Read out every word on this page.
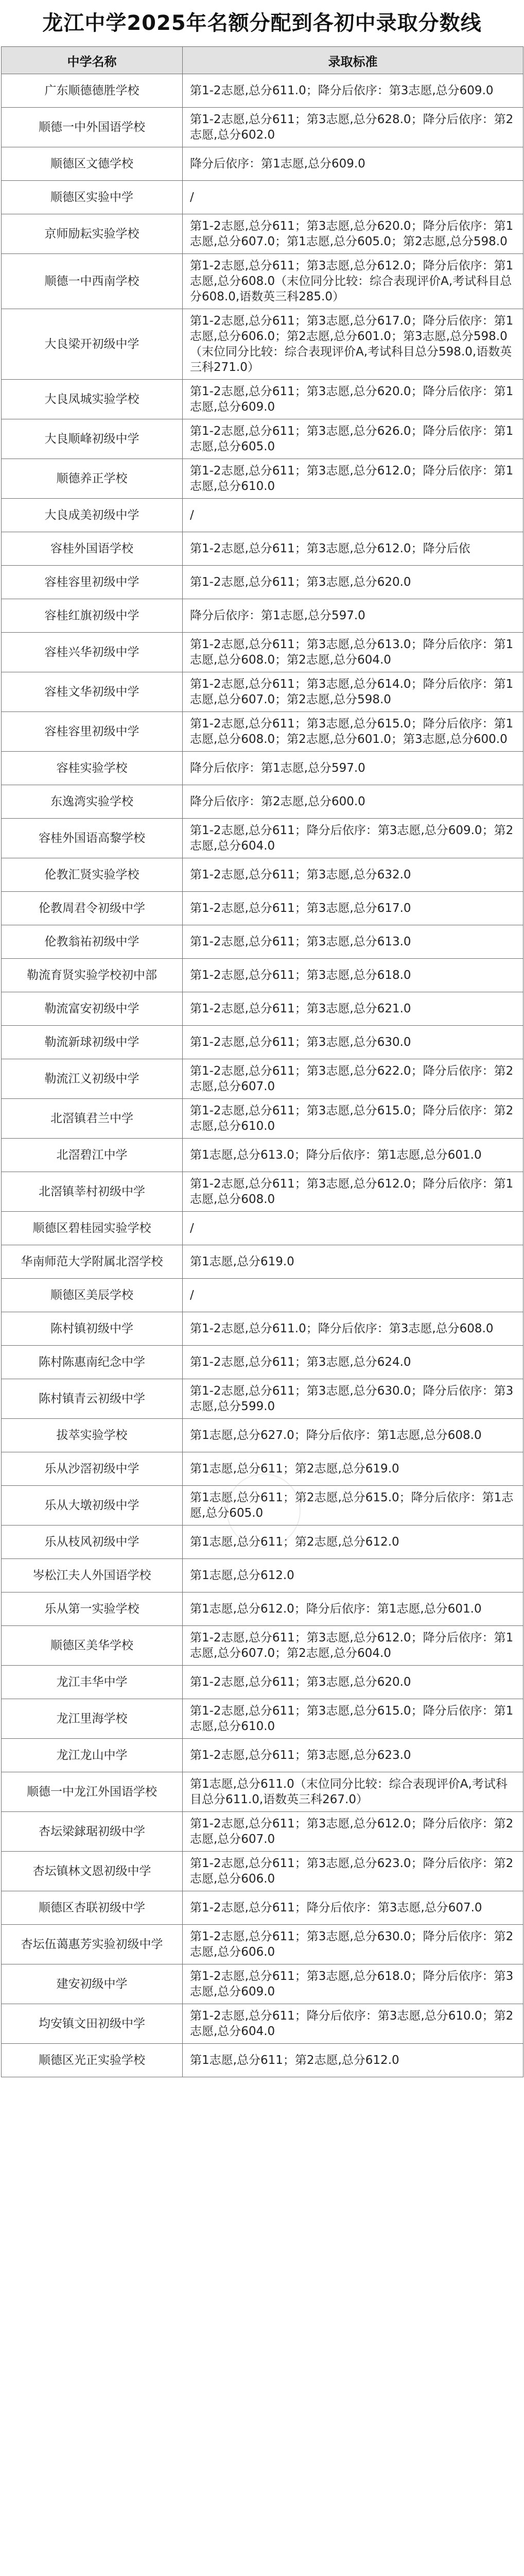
龙江中学2025年名额分配到各初中录取分数线
中学名称	录取标准
广东顺德德胜学校	第1-2志愿,总分611.0；降分后依序：第3志愿,总分609.0
顺德一中外国语学校	第1-2志愿,总分611；第3志愿,总分628.0；降分后依序：第2志愿,总分602.0
顺德区文德学校	降分后依序：第1志愿,总分609.0
顺德区实验中学	/
京师励耘实验学校	第1-2志愿,总分611；第3志愿,总分620.0；降分后依序：第1志愿,总分607.0；第1志愿,总分605.0；第2志愿,总分598.0
顺德一中西南学校	第1-2志愿,总分611；第3志愿,总分612.0；降分后依序：第1志愿,总分608.0（末位同分比较：综合表现评价A,考试科目总分608.0,语数英三科285.0）
大良梁开初级中学	第1-2志愿,总分611；第3志愿,总分617.0；降分后依序：第1志愿,总分606.0；第2志愿,总分601.0；第3志愿,总分598.0（末位同分比较：综合表现评价A,考试科目总分598.0,语数英三科271.0）
大良凤城实验学校	第1-2志愿,总分611；第3志愿,总分620.0；降分后依序：第1志愿,总分609.0
大良顺峰初级中学	第1-2志愿,总分611；第3志愿,总分626.0；降分后依序：第1志愿,总分605.0
顺德养正学校	第1-2志愿,总分611；第3志愿,总分612.0；降分后依序：第1志愿,总分610.0
大良成美初级中学	/
容桂外国语学校	第1-2志愿,总分611；第3志愿,总分612.0；降分后依
容桂容里初级中学	第1-2志愿,总分611；第3志愿,总分620.0
容桂红旗初级中学	降分后依序：第1志愿,总分597.0
容桂兴华初级中学	第1-2志愿,总分611；第3志愿,总分613.0；降分后依序：第1志愿,总分608.0；第2志愿,总分604.0
容桂文华初级中学	第1-2志愿,总分611；第3志愿,总分614.0；降分后依序：第1志愿,总分607.0；第2志愿,总分598.0
容桂容里初级中学	第1-2志愿,总分611；第3志愿,总分615.0；降分后依序：第1志愿,总分608.0；第2志愿,总分601.0；第3志愿,总分600.0
容桂实验学校	降分后依序：第1志愿,总分597.0
东逸湾实验学校	降分后依序：第2志愿,总分600.0
容桂外国语高黎学校	第1-2志愿,总分611；降分后依序：第3志愿,总分609.0；第2志愿,总分604.0
伦教汇贤实验学校	第1-2志愿,总分611；第3志愿,总分632.0
伦教周君令初级中学	第1-2志愿,总分611；第3志愿,总分617.0
伦教翁祐初级中学	第1-2志愿,总分611；第3志愿,总分613.0
勒流育贤实验学校初中部	第1-2志愿,总分611；第3志愿,总分618.0
勒流富安初级中学	第1-2志愿,总分611；第3志愿,总分621.0
勒流新球初级中学	第1-2志愿,总分611；第3志愿,总分630.0
勒流江义初级中学	第1-2志愿,总分611；第3志愿,总分622.0；降分后依序：第2志愿,总分607.0
北滘镇君兰中学	第1-2志愿,总分611；第3志愿,总分615.0；降分后依序：第2志愿,总分610.0
北滘碧江中学	第1志愿,总分613.0；降分后依序：第1志愿,总分601.0
北滘镇莘村初级中学	第1-2志愿,总分611；第3志愿,总分612.0；降分后依序：第1志愿,总分608.0
顺德区碧桂园实验学校	/
华南师范大学附属北滘学校	第1志愿,总分619.0
顺德区美辰学校	/
陈村镇初级中学	第1-2志愿,总分611.0；降分后依序：第3志愿,总分608.0
陈村陈惠南纪念中学	第1-2志愿,总分611；第3志愿,总分624.0
陈村镇青云初级中学	第1-2志愿,总分611；第3志愿,总分630.0；降分后依序：第3志愿,总分599.0
拔萃实验学校	第1志愿,总分627.0；降分后依序：第1志愿,总分608.0
乐从沙滘初级中学	第1志愿,总分611；第2志愿,总分619.0
乐从大墩初级中学	第1志愿,总分611；第2志愿,总分615.0；降分后依序：第1志愿,总分605.0
乐从枝风初级中学	第1志愿,总分611；第2志愿,总分612.0
岑松江夫人外国语学校	第1志愿,总分612.0
乐从第一实验学校	第1志愿,总分612.0；降分后依序：第1志愿,总分601.0
顺德区美华学校	第1-2志愿,总分611；第3志愿,总分612.0；降分后依序：第1志愿,总分607.0；第2志愿,总分604.0
龙江丰华中学	第1-2志愿,总分611；第3志愿,总分620.0
龙江里海学校	第1-2志愿,总分611；第3志愿,总分615.0；降分后依序：第1志愿,总分610.0
龙江龙山中学	第1-2志愿,总分611；第3志愿,总分623.0
顺德一中龙江外国语学校	第1志愿,总分611.0（末位同分比较：综合表现评价A,考试科目总分611.0,语数英三科267.0）
杏坛梁銶琚初级中学	第1-2志愿,总分611；第3志愿,总分612.0；降分后依序：第2志愿,总分607.0
杏坛镇林文恩初级中学	第1-2志愿,总分611；第3志愿,总分623.0；降分后依序：第2志愿,总分606.0
顺德区杏联初级中学	第1-2志愿,总分611；降分后依序：第3志愿,总分607.0
杏坛伍蔼惠芳实验初级中学	第1-2志愿,总分611；第3志愿,总分630.0；降分后依序：第2志愿,总分606.0
建安初级中学	第1-2志愿,总分611；第3志愿,总分618.0；降分后依序：第3志愿,总分609.0
均安镇文田初级中学	第1-2志愿,总分611；降分后依序：第3志愿,总分610.0；第2志愿,总分604.0
顺德区光正实验学校	第1志愿,总分611；第2志愿,总分612.0
